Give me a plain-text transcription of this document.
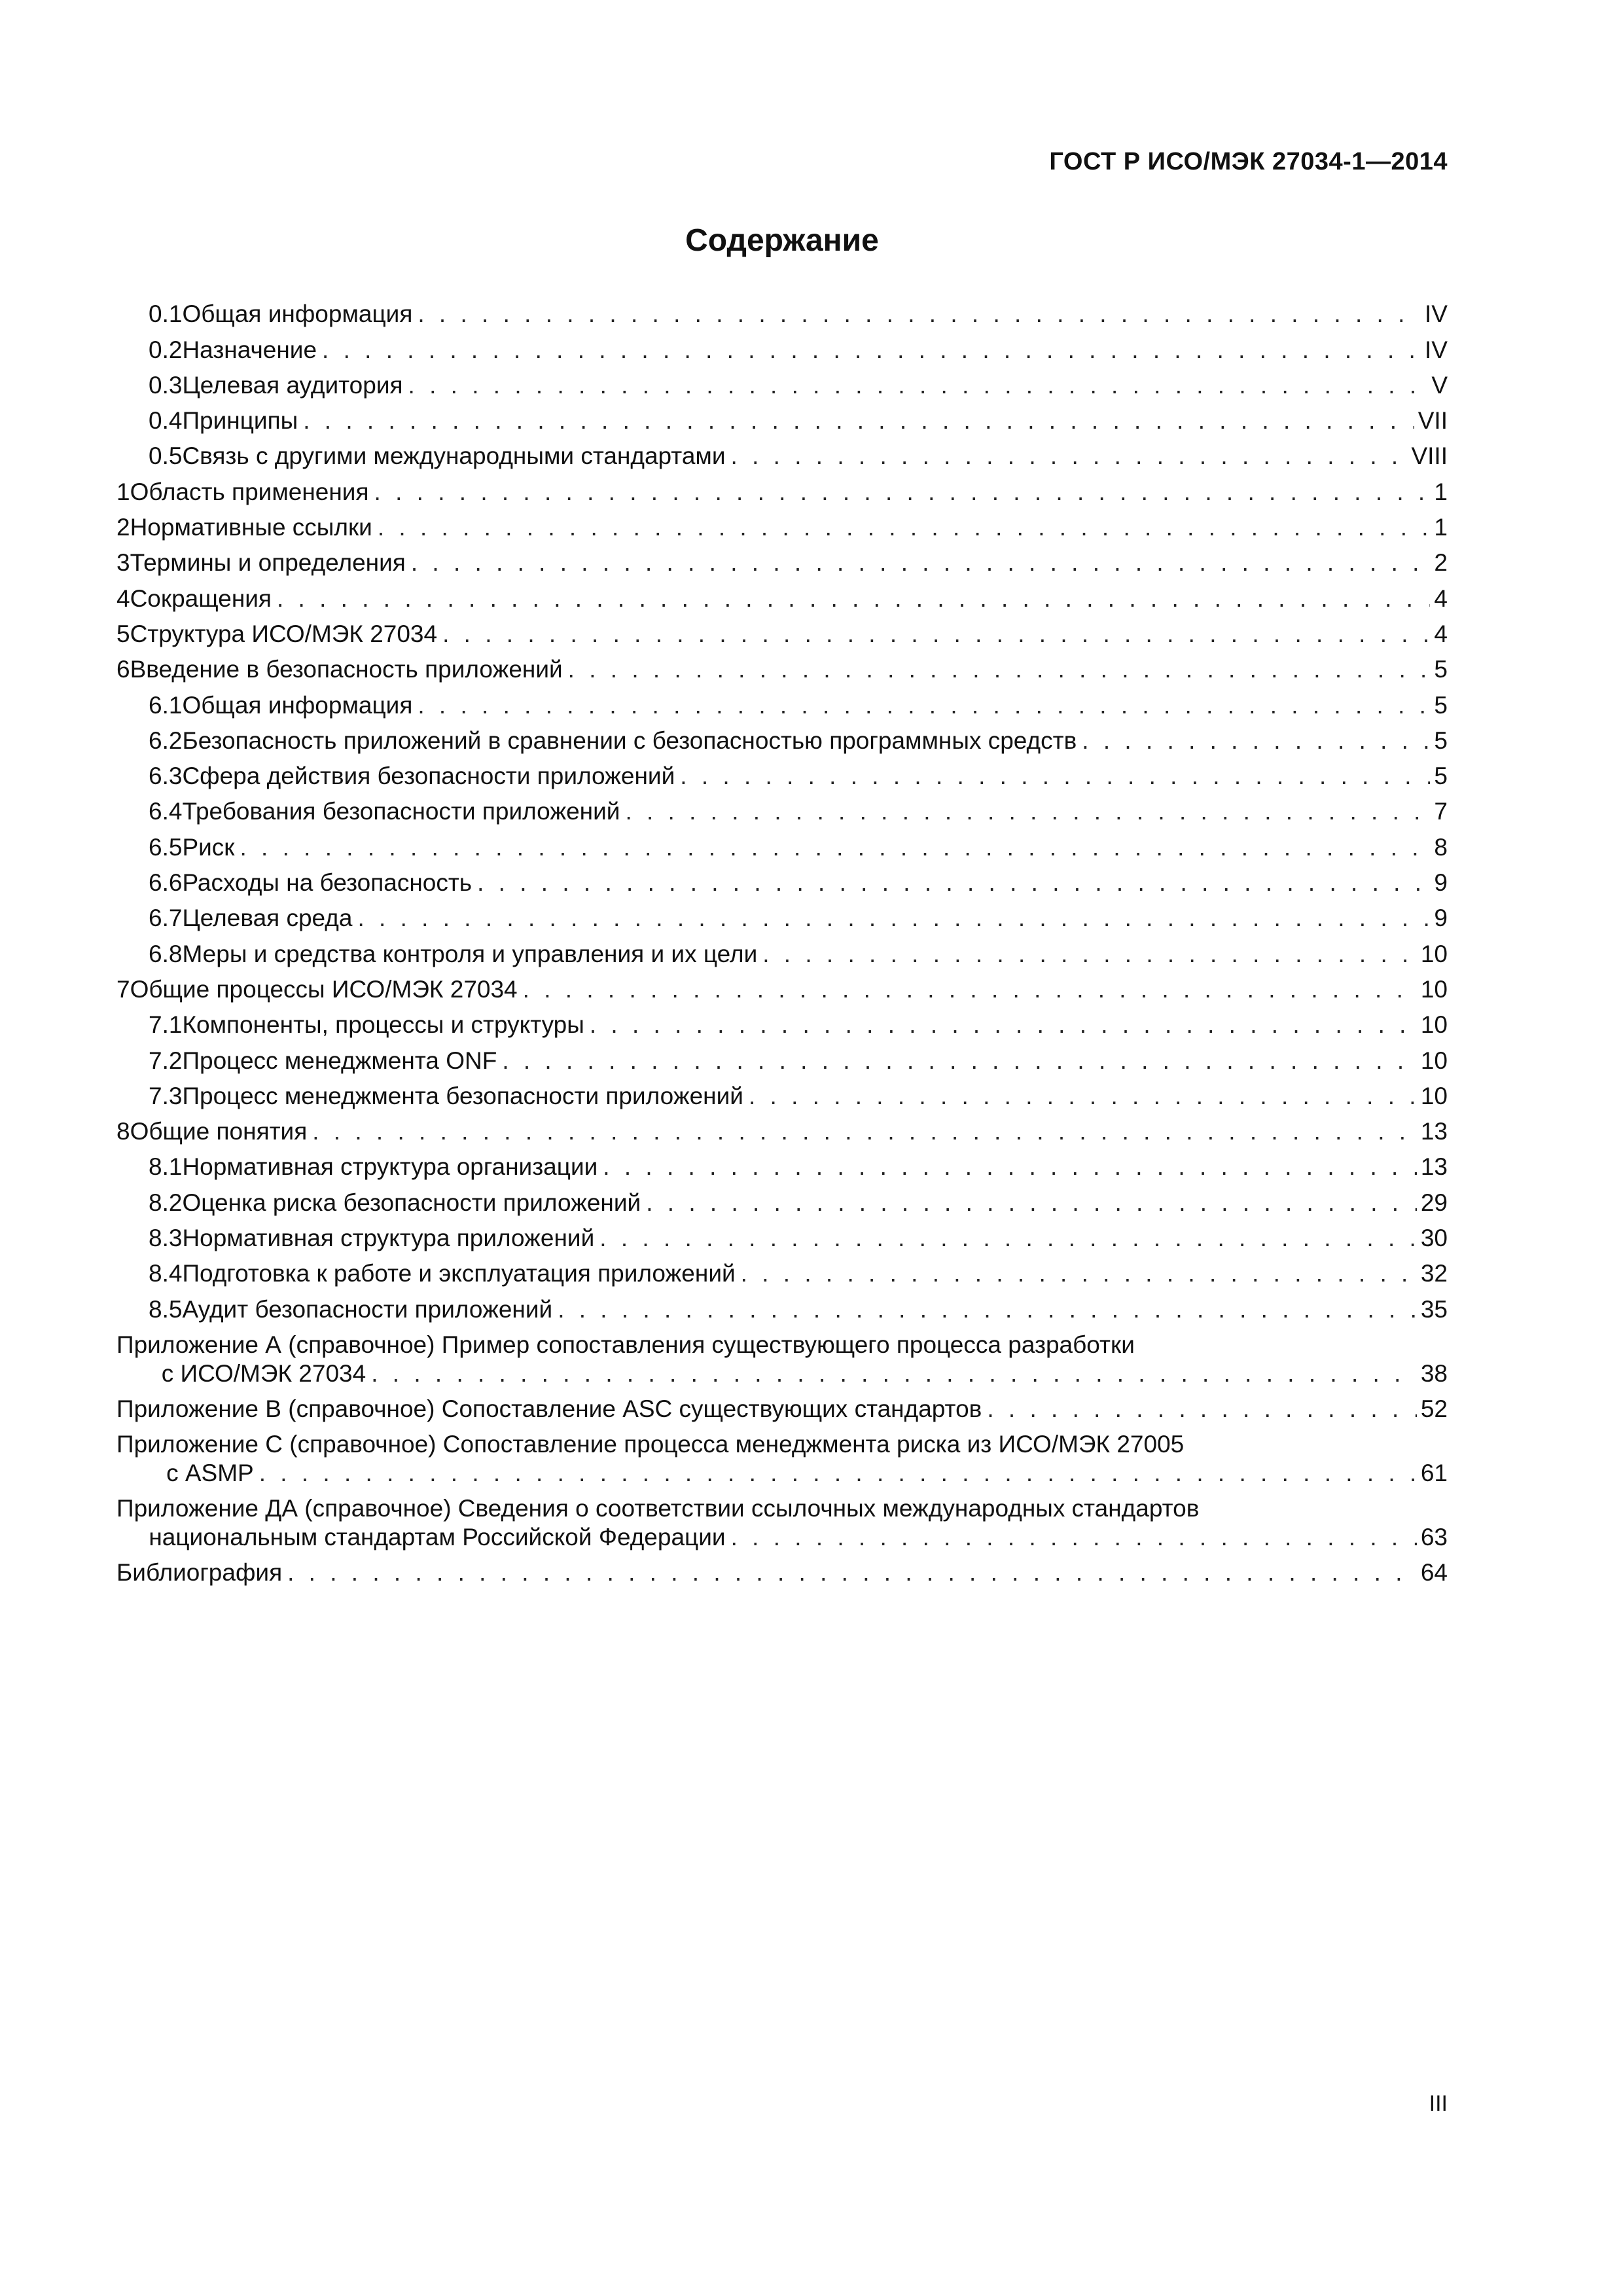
ГОСТ Р ИСО/МЭК 27034-1—2014
Содержание
0.1 Общая информация . . .	IV
0.2 Назначение . . .	IV
0.3 Целевая аудитория . . .	V
0.4 Принципы . . .	VII
0.5 Связь с другими международными стандартами . . .	VIII
1 Область применения . . .	1
2 Нормативные ссылки . . .	1
3 Термины и определения . . .	2
4 Сокращения . . .	4
5 Структура ИСО/МЭК 27034 . . .	4
6 Введение в безопасность приложений . . .	5
6.1 Общая информация . . .	5
6.2 Безопасность приложений в сравнении с безопасностью программных средств . . .	5
6.3 Сфера действия безопасности приложений . . .	5
6.4 Требования безопасности приложений . . .	7
6.5 Риск . . .	8
6.6 Расходы на безопасность . . .	9
6.7 Целевая среда . . .	9
6.8 Меры и средства контроля и управления и их цели . . .	10
7 Общие процессы ИСО/МЭК 27034 . . .	10
7.1 Компоненты, процессы и структуры . . .	10
7.2 Процесс менеджмента ONF . . .	10
7.3 Процесс менеджмента безопасности приложений . . .	10
8 Общие понятия . . .	13
8.1 Нормативная структура организации . . .	13
8.2 Оценка риска безопасности приложений . . .	29
8.3 Нормативная структура приложений . . .	30
8.4 Подготовка к работе и эксплуатация приложений . . .	32
8.5 Аудит безопасности приложений . . .	35
Приложение А (справочное) Пример сопоставления существующего процесса разработки
с ИСО/МЭК 27034 . . .	38
Приложение В (справочное) Сопоставление ASC существующих стандартов . . .	52
Приложение С (справочное) Сопоставление процесса менеджмента риска из ИСО/МЭК 27005
с ASMP . . .	61
Приложение ДА (справочное) Сведения о соответствии ссылочных международных стандартов
национальным стандартам Российской Федерации . . .	63
Библиография . . .	64
III
